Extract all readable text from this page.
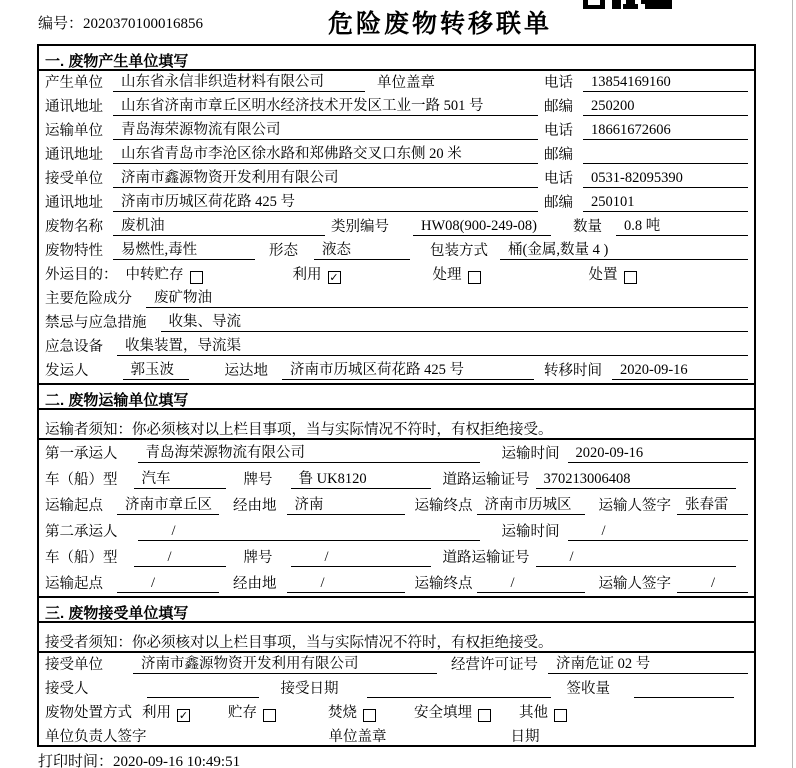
编号：2020370100016856	危险废物转移联单
一. 废物产生单位填写
产生单位	山东省永信非织造材料有限公司	单位盖章	电话	13854169160
通讯地址	山东省济南市章丘区明水经济技术开发区工业一路 501 号	邮编	250200
运输单位	青岛海荣源物流有限公司	电话	18661672606
通讯地址	山东省青岛市李沧区徐水路和郑佛路交叉口东侧 20 米	邮编
接受单位	济南市鑫源物资开发利用有限公司	电话	0531-82095390
通讯地址	济南市历城区荷花路 425 号	邮编	250101
废物名称	废机油	类别编号	HW08(900-249-08)	数量	0.8 吨
废物特性	易燃性,毒性	形态	液态	包装方式	桶(金属,数量 4 )
外运目的： 中转贮存	利用 ✓	处理	处置
主要危险成分	废矿物油
禁忌与应急措施	收集、导流
应急设备	收集装置，导流渠
发运人	郭玉波	运达地	济南市历城区荷花路 425 号	转移时间	2020-09-16
二. 废物运输单位填写
运输者须知：你必须核对以上栏目事项，当与实际情况不符时，有权拒绝接受。
第一承运人	青岛海荣源物流有限公司	运输时间	2020-09-16
车（船）型	汽车	牌号	鲁 UK8120	道路运输证号 370213006408
运输起点	济南市章丘区	经由地	济南	运输终点 济南市历城区	运输人签字 张春雷
第二承运人	/	运输时间	/
车（船）型	/	牌号	/	道路运输证号	/
运输起点	/	经由地	/	运输终点	/	运输人签字	/
三. 废物接受单位填写
接受者须知：你必须核对以上栏目事项，当与实际情况不符时，有权拒绝接受。
接受单位	济南市鑫源物资开发利用有限公司	经营许可证号	济南危证 02 号
接受人	接受日期	签收量
废物处置方式 利用 ✓	贮存	焚烧	安全填埋	其他
单位负责人签字	单位盖章	日期
打印时间：2020-09-16 10:49:51
